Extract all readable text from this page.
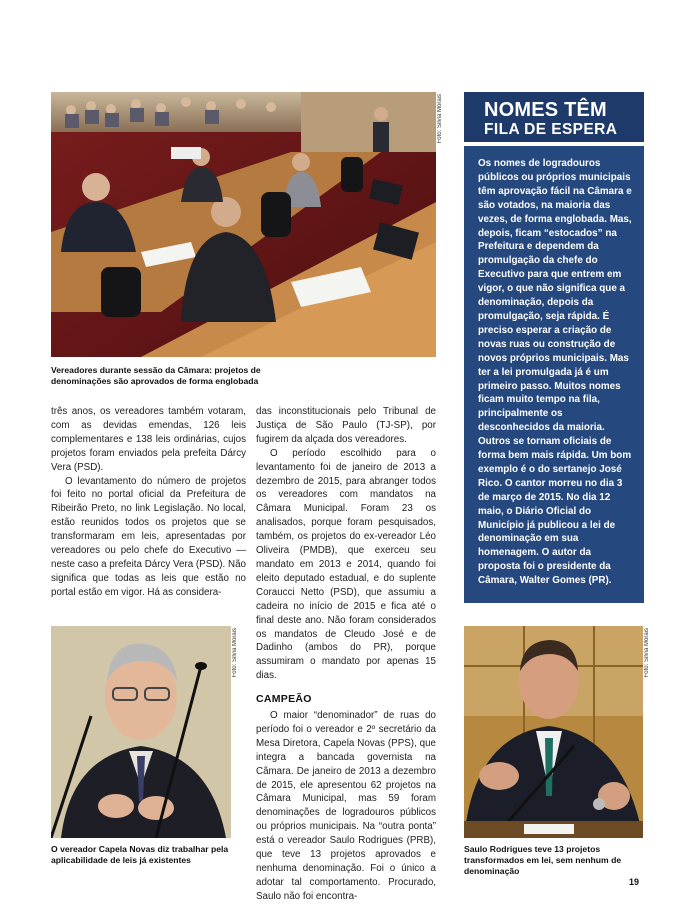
Foto: Silvia Morais
Vereadores durante sessão da Câmara: projetos de denominações são aprovados de forma englobada

três anos, os vereadores também votaram, com as devidas emendas, 126 leis complementares e 138 leis ordinárias, cujos projetos foram enviados pela prefeita Dárcy Vera (PSD).

O levantamento do número de projetos foi feito no portal oficial da Prefeitura de Ribeirão Preto, no link Legislação. No local, estão reunidos todos os projetos que se transformaram em leis, apresentadas por vereadores ou pelo chefe do Executivo — neste caso a prefeita Dárcy Vera (PSD). Não significa que todas as leis que estão no portal estão em vigor. Há as considera-

das inconstitucionais pelo Tribunal de Justiça de São Paulo (TJ-SP), por fugirem da alçada dos vereadores.

O período escolhido para o levantamento foi de janeiro de 2013 a dezembro de 2015, para abranger todos os vereadores com mandatos na Câmara Municipal. Foram 23 os analisados, porque foram pesquisados, também, os projetos do ex-vereador Léo Oliveira (PMDB), que exerceu seu mandato em 2013 e 2014, quando foi eleito deputado estadual, e do suplente Coraucci Netto (PSD), que assumiu a cadeira no início de 2015 e fica até o final deste ano. Não foram considerados os mandatos de Cleudo José e de Dadinho (ambos do PR), porque assumiram o mandato por apenas 15 dias.

CAMPEÃO

O maior “denominador” de ruas do período foi o vereador e 2º secretário da Mesa Diretora, Capela Novas (PPS), que integra a bancada governista na Câmara. De janeiro de 2013 a dezembro de 2015, ele apresentou 62 projetos na Câmara Municipal, mas 59 foram denominações de logradouros públicos ou próprios municipais. Na “outra ponta” está o vereador Saulo Rodrigues (PRB), que teve 13 projetos aprovados e nenhuma denominação. Foi o único a adotar tal comportamento. Procurado, Saulo não foi encontra-

Foto: Silvia Morais
O vereador Capela Novas diz trabalhar pela aplicabilidade de leis já existentes
NOMES TÊM
FILA DE ESPERA
Os nomes de logradouros públicos ou próprios municipais têm aprovação fácil na Câmara e são votados, na maioria das vezes, de forma englobada. Mas, depois, ficam “estocados” na Prefeitura e dependem da promulgação da chefe do Executivo para que entrem em vigor, o que não significa que a denominação, depois da promulgação, seja rápida. É preciso esperar a criação de novas ruas ou construção de novos próprios municipais. Mas ter a lei promulgada já é um primeiro passo. Muitos nomes ficam muito tempo na fila, principalmente os desconhecidos da maioria. Outros se tornam oficiais de forma bem mais rápida. Um bom exemplo é o do sertanejo José Rico. O cantor morreu no dia 3 de março de 2015. No dia 12 maio, o Diário Oficial do Município já publicou a lei de denominação em sua homenagem. O autor da proposta foi o presidente da Câmara, Walter Gomes (PR).
Foto: Silvia Morais
Saulo Rodrigues teve 13 projetos transformados em lei, sem nenhum de denominação
19
